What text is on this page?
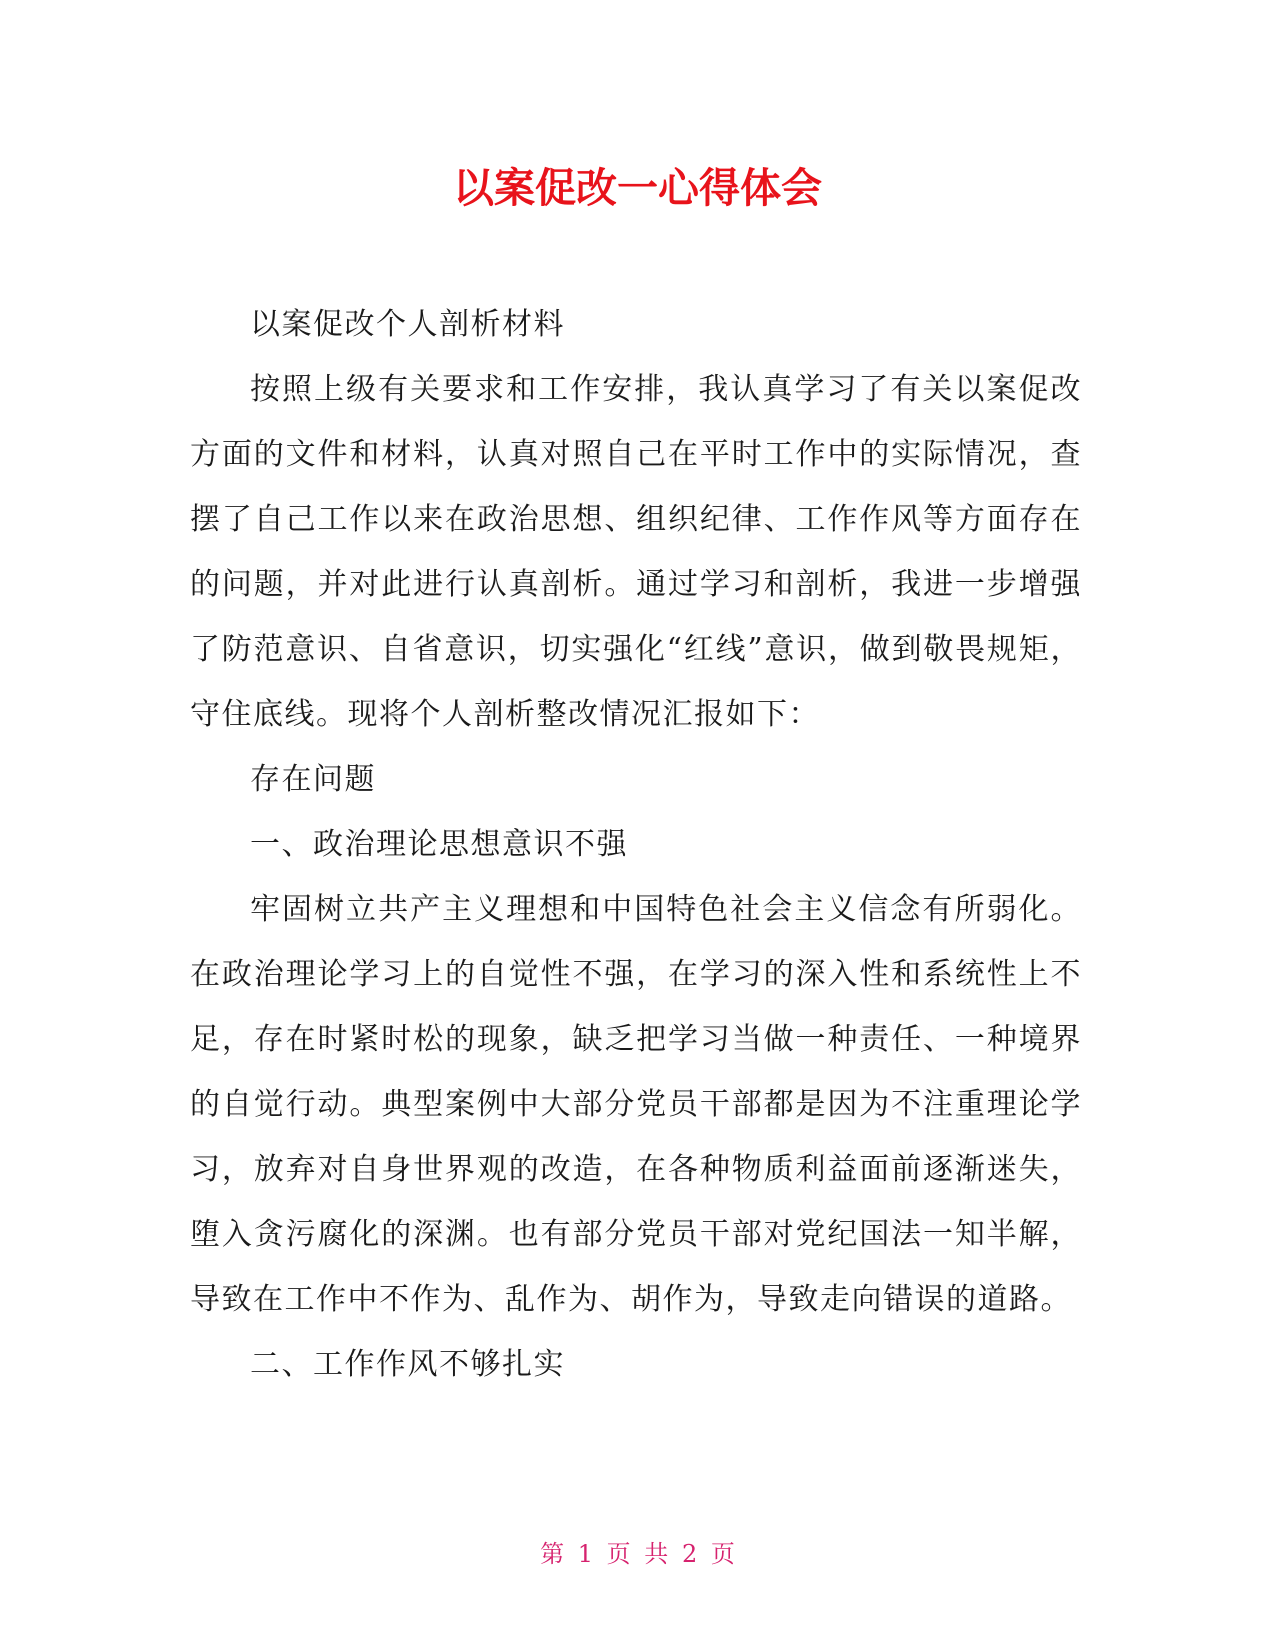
以案促改一心得体会

以案促改个人剖析材料

按照上级有关要求和工作安排，我认真学习了有关以案促改方面的文件和材料，认真对照自己在平时工作中的实际情况，查摆了自己工作以来在政治思想、组织纪律、工作作风等方面存在的问题，并对此进行认真剖析。通过学习和剖析，我进一步增强了防范意识、自省意识，切实强化“红线”意识，做到敬畏规矩，守住底线。现将个人剖析整改情况汇报如下：

存在问题

一、政治理论思想意识不强

牢固树立共产主义理想和中国特色社会主义信念有所弱化。在政治理论学习上的自觉性不强，在学习的深入性和系统性上不足，存在时紧时松的现象，缺乏把学习当做一种责任、一种境界的自觉行动。典型案例中大部分党员干部都是因为不注重理论学习，放弃对自身世界观的改造，在各种物质利益面前逐渐迷失，堕入贪污腐化的深渊。也有部分党员干部对党纪国法一知半解，导致在工作中不作为、乱作为、胡作为，导致走向错误的道路。

二、工作作风不够扎实

第 1 页 共 2 页
